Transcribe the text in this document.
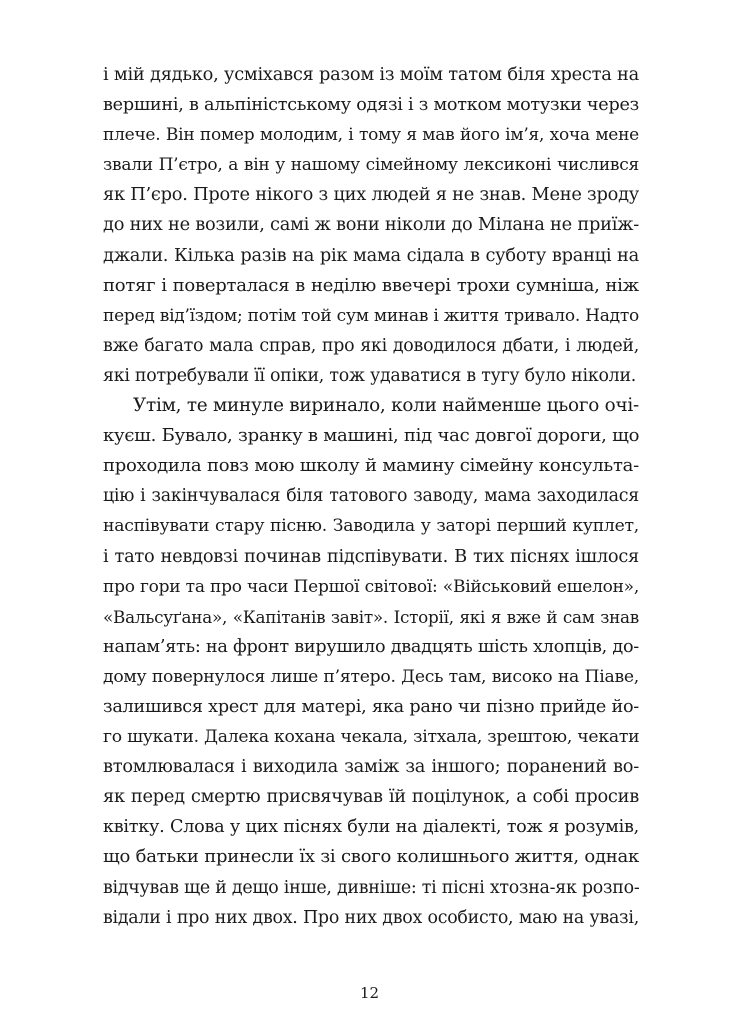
і мій дядько, усміхався разом із моїм татом біля хреста на
вершині, в альпіністському одязі і з мотком мотузки через
плече. Він помер молодим, і тому я мав його ім’я, хоча мене
звали П’єтро, а він у нашому сімейному лексиконі числився
як П’єро. Проте нікого з цих людей я не знав. Мене зроду
до них не возили, самі ж вони ніколи до Мілана не приїж-
джали. Кілька разів на рік мама сідала в суботу вранці на
потяг і поверталася в неділю ввечері трохи сумніша, ніж
перед від’їздом; потім той сум минав і життя тривало. Надто
вже багато мала справ, про які доводилося дбати, і людей,
які потребували її опіки, тож удаватися в тугу було ніколи.
Утім, те минуле виринало, коли найменше цього очі-
куєш. Бувало, зранку в машині, під час довгої дороги, що
проходила повз мою школу й мамину сімейну консульта-
цію і закінчувалася біля татового заводу, мама заходилася
наспівувати стару пісню. Заводила у заторі перший куплет,
і тато невдовзі починав підспівувати. В тих піснях ішлося
про гори та про часи Першої світової: «Військовий ешелон»,
«Вальсуґана», «Капітанів завіт». Історії, які я вже й сам знав
напам’ять: на фронт вирушило двадцять шість хлопців, до-
дому повернулося лише п’ятеро. Десь там, високо на Піаве,
залишився хрест для матері, яка рано чи пізно прийде йо-
го шукати. Далека кохана чекала, зітхала, зрештою, чекати
втомлювалася і виходила заміж за іншого; поранений во-
як перед смертю присвячував їй поцілунок, а собі просив
квітку. Слова у цих піснях були на діалекті, тож я розумів,
що батьки принесли їх зі свого колишнього життя, однак
відчував ще й дещо інше, дивніше: ті пісні хтозна-як розпо-
відали і про них двох. Про них двох особисто, маю на увазі,
12
